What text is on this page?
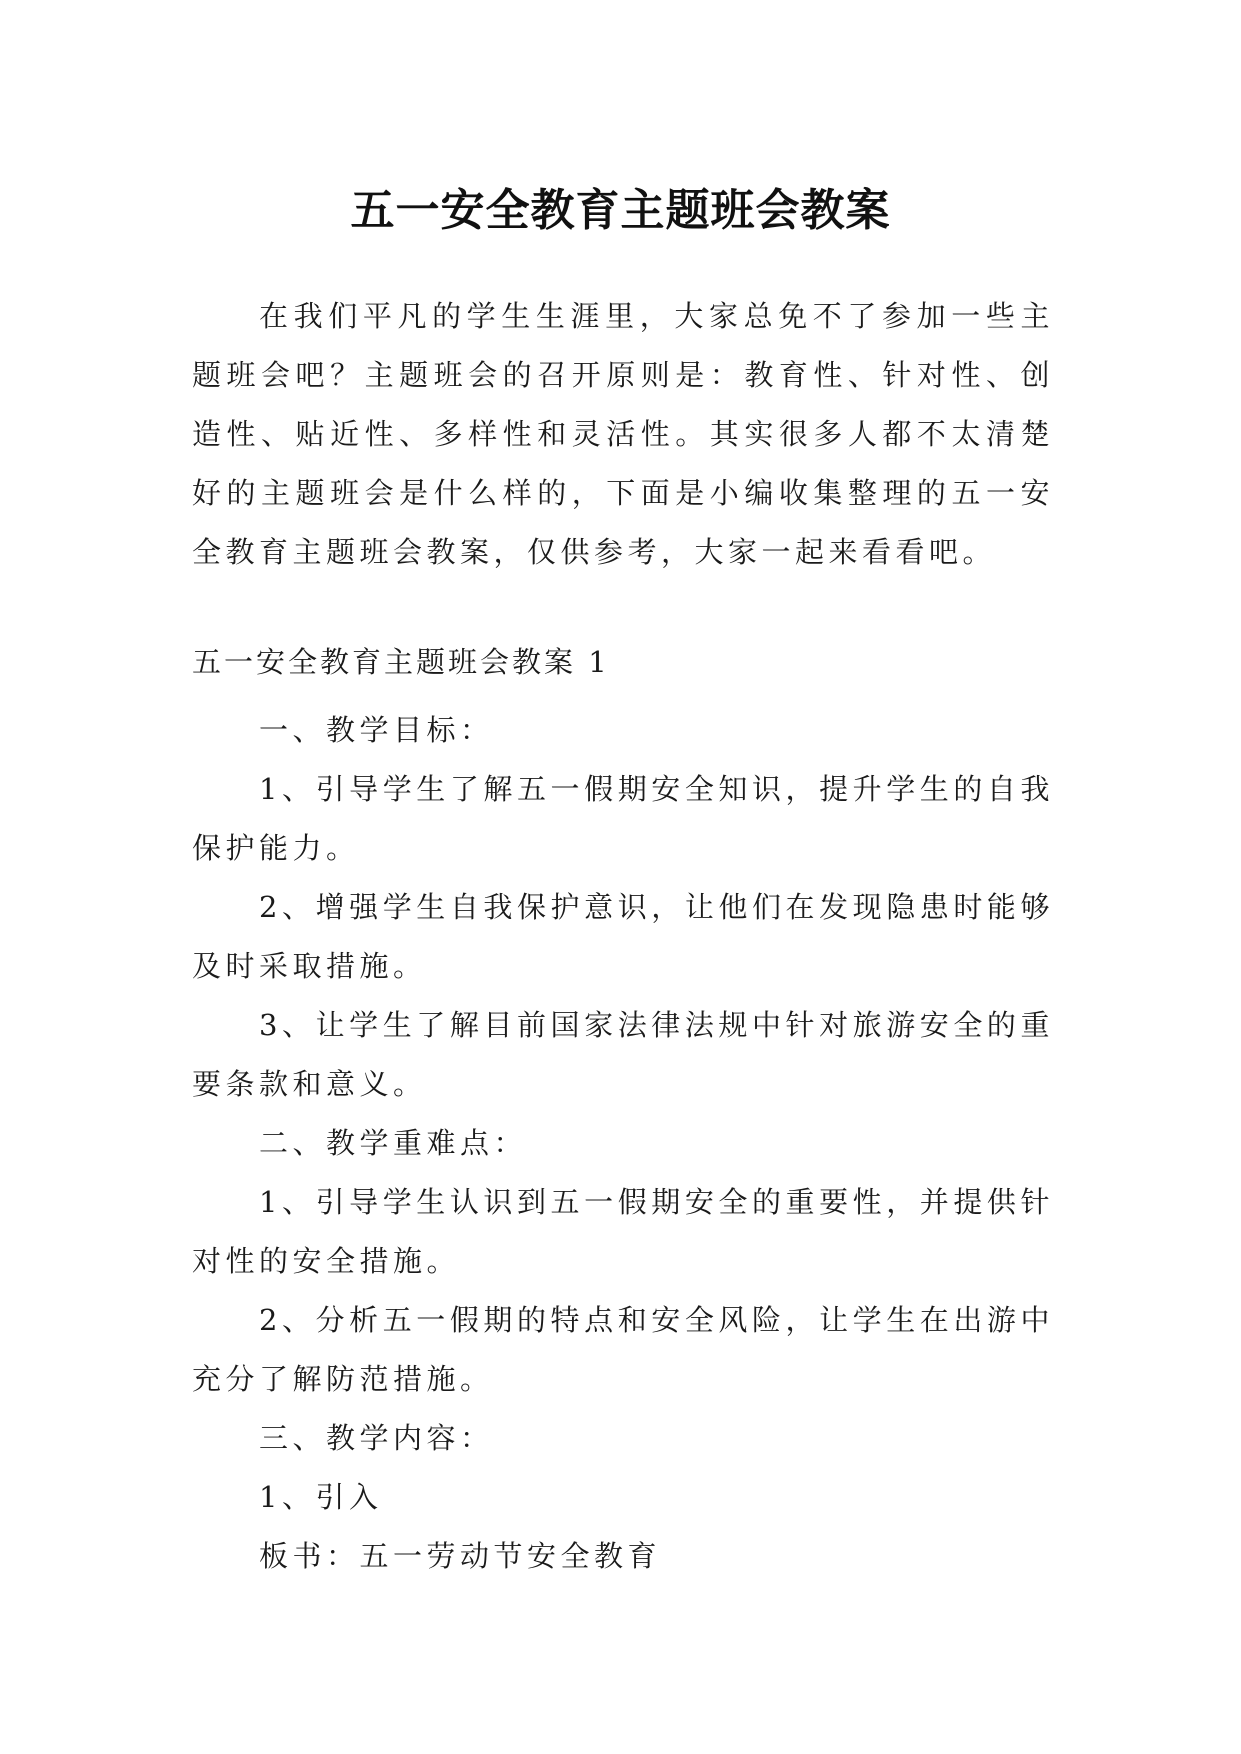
五一安全教育主题班会教案

在我们平凡的学生生涯里，大家总免不了参加一些主题班会吧？主题班会的召开原则是：教育性、针对性、创造性、贴近性、多样性和灵活性。其实很多人都不太清楚好的主题班会是什么样的，下面是小编收集整理的五一安全教育主题班会教案，仅供参考，大家一起来看看吧。

五一安全教育主题班会教案 1

一、教学目标：

1、引导学生了解五一假期安全知识，提升学生的自我保护能力。

2、增强学生自我保护意识，让他们在发现隐患时能够及时采取措施。

3、让学生了解目前国家法律法规中针对旅游安全的重要条款和意义。

二、教学重难点：

1、引导学生认识到五一假期安全的重要性，并提供针对性的安全措施。

2、分析五一假期的特点和安全风险，让学生在出游中充分了解防范措施。

三、教学内容：

1、引入

板书：五一劳动节安全教育
